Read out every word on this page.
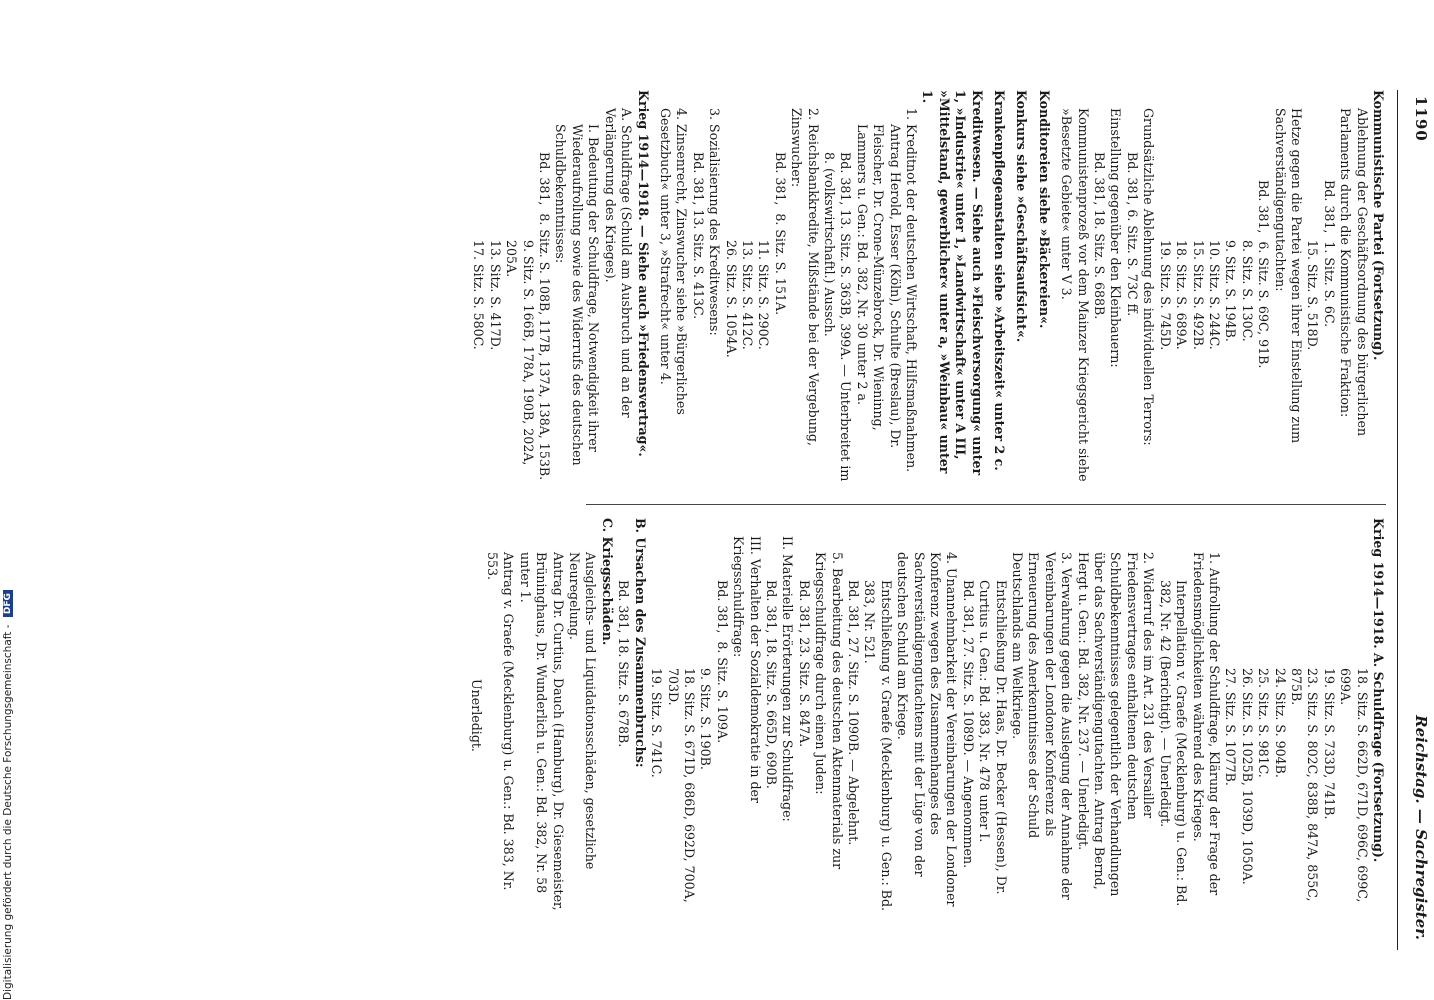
1190
Reichstag. — Sachregister.

Kommunistische Partei (Fortsetzung).

Ablehnung der Geschäftsordnung des bürgerlichen Parlaments durch die Kommunistische Fraktion:

Bd. 381,  1. Sitz. S. 6C.

15. Sitz. S. 518D.

Hetze gegen die Partei wegen ihrer Einstellung zum Sachverständigengutachten:

Bd. 381,  6. Sitz. S. 69C, 91B.

8. Sitz. S. 130C.

9. Sitz. S. 194B.

10. Sitz. S. 244C.

15. Sitz. S. 492B.

18. Sitz. S. 689A.

19. Sitz. S. 745D.

Grundsätzliche Ablehnung des individuellen Terrors:

Bd. 381, 6. Sitz. S. 73C ff.

Einstellung gegenüber den Kleinbauern:

Bd. 381, 18. Sitz. S. 688B.

Kommunistenprozeß vor dem Mainzer Kriegsgericht siehe »Besetzte Gebiete« unter V 3.

Konditoreien siehe »Bäckereien«.

Konkurs siehe »Geschäftsaufsicht«.

Krankenpflegeanstalten siehe »Arbeitszeit« unter 2 c.

Kreditwesen. — Siehe auch »Fleischversorgung« unter 1, »Industrie« unter 1, »Landwirtschaft« unter A III, »Mittelstand, gewerblicher« unter a, »Weinbau« unter 1.

1. Kreditnot der deutschen Wirtschaft, Hilfsmaßnahmen.

Antrag Herold, Esser (Köln), Schulte (Breslau), Dr. Fleischer, Dr. Crone-Münzebrock, Dr. Wieninng, Lammers u. Gen.: Bd. 382, Nr. 30 unter 2 a.

Bd. 381, 13. Sitz. S. 363B, 399A. — Unterbreitet im 8. (volkswirtschaftl.) Aussch.

2. Reichsbankkredite, Mißstände bei der Vergebung, Zinswucher:

Bd. 381,  8. Sitz. S. 151A.

11. Sitz. S. 290C.

13. Sitz. S. 412C.

26. Sitz. S. 1054A.

3. Sozialisierung des Kreditwesens:

Bd. 381, 13. Sitz. S. 413C.

4. Zinsenrecht, Zinswucher siehe »Bürgerliches Gesetzbuch« unter 3, »Strafrecht« unter 4.

Krieg 1914—1918. — Siehe auch »Friedensvertrag«.

A. Schuldfrage (Schuld am Ausbruch und an der Verlängerung des Krieges).

I. Bedeutung der Schuldfrage, Notwendigkeit ihrer Wiederaufrollung sowie des Widerrufs des deutschen Schuldbekenntnisses:

Bd. 381,  8. Sitz. S. 108B, 117B, 137A, 138A, 153B.

9. Sitz. S. 166B, 178A, 190B, 202A, 205A.

13. Sitz. S. 417D.

17. Sitz. S. 580C.

Krieg 1914—1918. A. Schuldfrage (Fortsetzung).

18. Sitz. S. 662D, 671D, 696C, 699C, 699A.

19. Sitz. S. 733D, 741B.

23. Sitz. S. 802C, 838B, 847A, 855C, 875B.

24. Sitz. S. 904B.

25. Sitz. S. 981C.

26. Sitz. S. 1025B, 1039D, 1050A.

27. Sitz. S. 1077B.

1. Aufrollung der Schuldfrage, Klärung der Frage der Friedensmöglichkeiten während des Krieges.

Interpellation v. Graefe (Mecklenburg) u. Gen.: Bd. 382, Nr. 42 (Berichtigt). — Unerledigt.

2. Widerruf des im Art. 231 des Versailler Friedensvertrages enthaltenen deutschen Schuldbekenntnisses gelegentlich der Verhandlungen über das Sachverständigengutachten. Antrag Bernd, Hergt u. Gen.: Bd. 382, Nr. 237. — Unerledigt.

3. Verwahrung gegen die Auslegung der Annahme der Vereinbarungen der Londoner Konferenz als Erneuerung des Anerkenntnisses der Schuld Deutschlands am Weltkriege.

Entschließung Dr. Haas, Dr. Becker (Hessen), Dr. Curtius u. Gen.: Bd. 383, Nr. 478 unter I.

Bd. 381, 27. Sitz. S. 1089D. — Angenommen.

4. Unannehmbarkeit der Vereinbarungen der Londoner Konferenz wegen des Zusammenhanges des Sachverständigengutachtens mit der Lüge von der deutschen Schuld am Kriege.

Entschließung v. Graefe (Mecklenburg) u. Gen.: Bd. 383, Nr. 521.

Bd. 381, 27. Sitz. S. 1090B. — Abgelehnt.

5. Bearbeitung des deutschen Aktenmaterials zur Kriegsschuldfrage durch einen Juden:

Bd. 381, 23. Sitz. S. 847A.

II. Materielle Erörterungen zur Schuldfrage:

Bd. 381, 18. Sitz. S. 665D, 690B.

III. Verhalten der Sozialdemokratie in der Kriegsschuldfrage:

Bd. 381,  8. Sitz. S. 109A.

9. Sitz. S. 190B.

18. Sitz. S. 671D, 686D, 692D, 700A, 703D.

19. Sitz. S. 741C.

B. Ursachen des Zusammenbruchs:

Bd. 381, 18. Sitz. S. 678B.

C. Kriegsschäden.

Ausgleichs- und Liquidationsschäden, gesetzliche Neuregelung.

Antrag Dr. Curtius, Dauch (Hamburg), Dr. Giesemeister, Brüninghaus, Dr. Wunderlich u. Gen.: Bd. 382, Nr. 58 unter 1.

Antrag v. Graefe (Mecklenburg) u. Gen.: Bd. 383, Nr. 553.

Unerledigt.

Digitalisierung gefördert durch die Deutsche Forschungsgemeinschaft - DFG
